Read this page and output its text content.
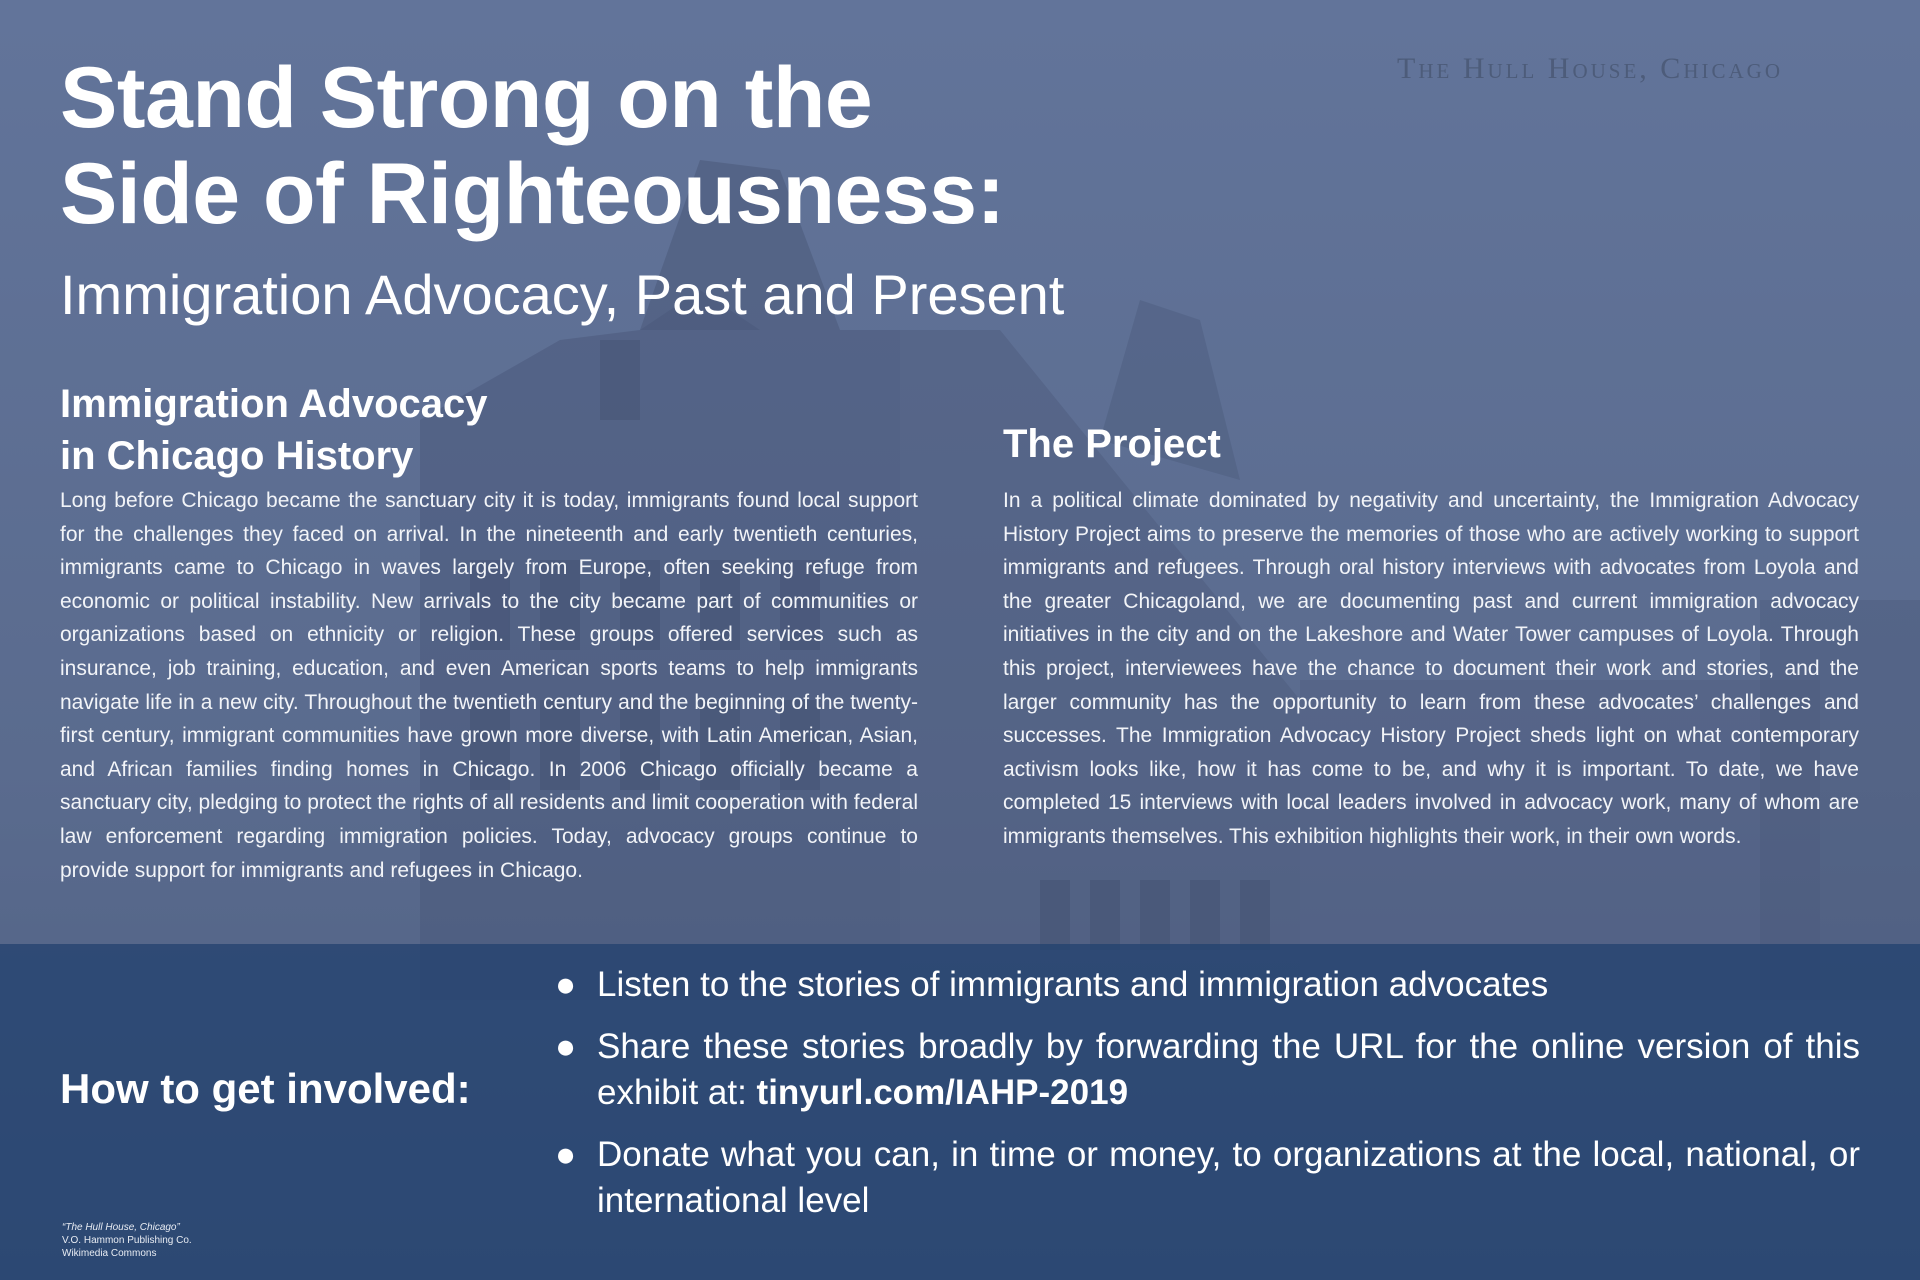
The Hull House, Chicago
Stand Strong on the
Side of Righteousness:
Immigration Advocacy, Past and Present
Immigration Advocacy
in Chicago History

Long before Chicago became the sanctuary city it is today, immigrants found local support for the challenges they faced on arrival. In the nineteenth and early twentieth centuries, immigrants came to Chicago in waves largely from Europe, often seeking refuge from economic or political instability. New arrivals to the city became part of communities or organizations based on ethnicity or religion. These groups offered services such as insurance, job training, education, and even American sports teams to help immigrants navigate life in a new city. Throughout the twentieth century and the beginning of the twenty-first century, immigrant communities have grown more diverse, with Latin American, Asian, and African families finding homes in Chicago. In 2006 Chicago officially became a sanctuary city, pledging to protect the rights of all residents and limit cooperation with federal law enforcement regarding immigration policies. Today, advocacy groups continue to provide support for immigrants and refugees in Chicago.

The Project

In a political climate dominated by negativity and uncertainty, the Immigration Advocacy History Project aims to preserve the memories of those who are actively working to support immigrants and refugees. Through oral history interviews with advocates from Loyola and the greater Chicagoland, we are documenting past and current immigration advocacy initiatives in the city and on the Lakeshore and Water Tower campuses of Loyola. Through this project, interviewees have the chance to document their work and stories, and the larger community has the opportunity to learn from these advocates’ challenges and successes. The Immigration Advocacy History Project sheds light on what contemporary activism looks like, how it has come to be, and why it is important. To date, we have completed 15 interviews with local leaders involved in advocacy work, many of whom are immigrants themselves. This exhibition highlights their work, in their own words.

How to get involved:
● Listen to the stories of immigrants and immigration advocates
● Share these stories broadly by forwarding the URL for the online version of this exhibit at: tinyurl.com/IAHP-2019
● Donate what you can, in time or money, to organizations at the local, national, or international level
“The Hull House, Chicago”
V.O. Hammon Publishing Co.
Wikimedia Commons
